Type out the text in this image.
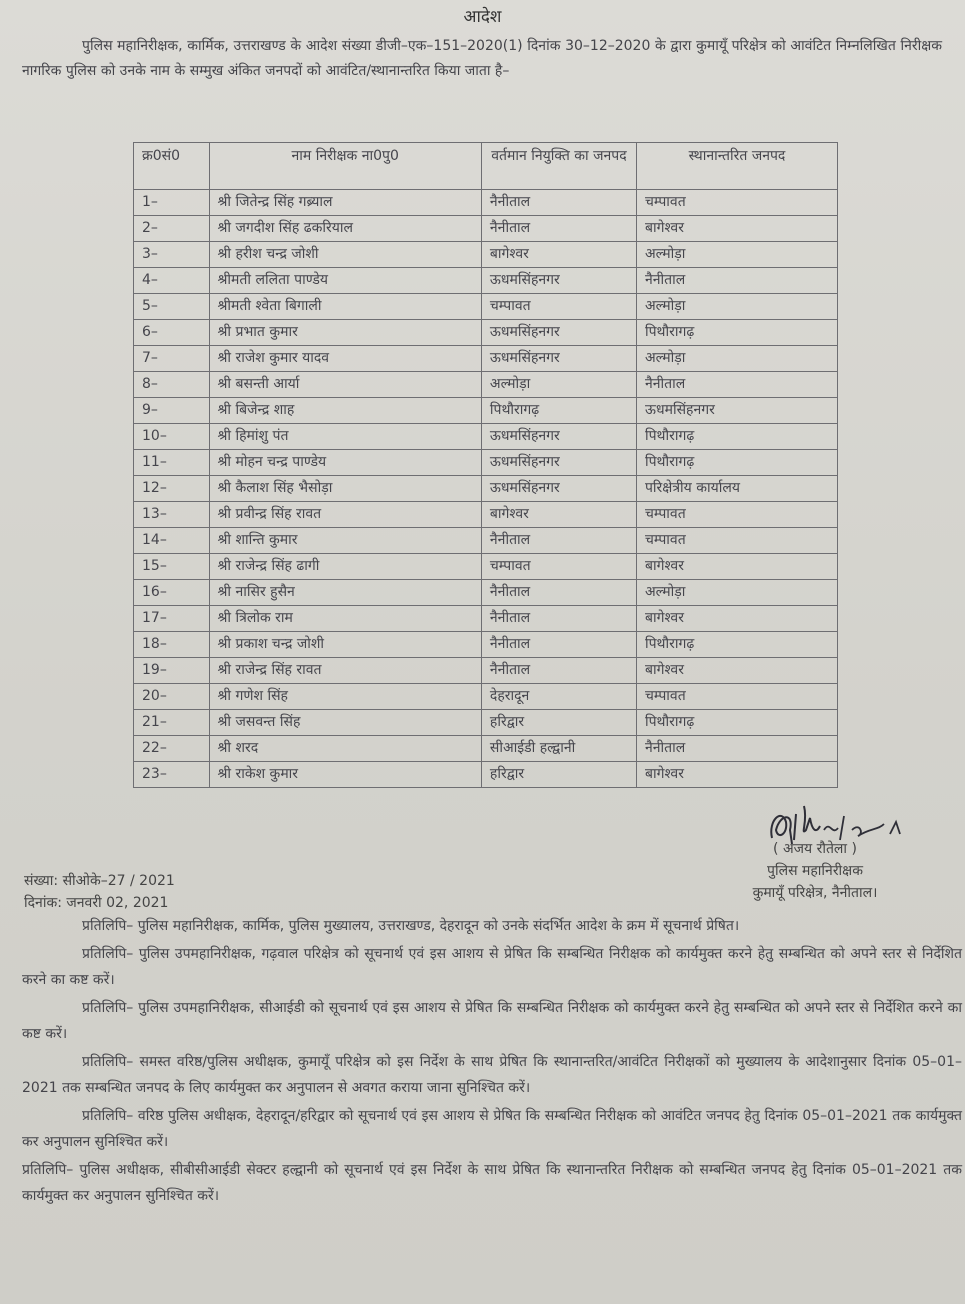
आदेश
पुलिस महानिरीक्षक, कार्मिक, उत्तराखण्ड के आदेश संख्या डीजी–एक–151–2020(1) दिनांक 30–12–2020 के द्वारा कुमायूँ परिक्षेत्र को आवंटित निम्नलिखित निरीक्षक नागरिक पुलिस को उनके नाम के सम्मुख अंकित जनपदों को आवंटित/स्थानान्तरित किया जाता है–
क्र0सं0	नाम निरीक्षक ना0पु0	वर्तमान नियुक्ति का जनपद	स्थानान्तरित जनपद
1–	श्री जितेन्द्र सिंह गब्र्याल	नैनीताल	चम्पावत
2–	श्री जगदीश सिंह ढकरियाल	नैनीताल	बागेश्वर
3–	श्री हरीश चन्द्र जोशी	बागेश्वर	अल्मोड़ा
4–	श्रीमती ललिता पाण्डेय	ऊधमसिंहनगर	नैनीताल
5–	श्रीमती श्वेता बिगाली	चम्पावत	अल्मोड़ा
6–	श्री प्रभात कुमार	ऊधमसिंहनगर	पिथौरागढ़
7–	श्री राजेश कुमार यादव	ऊधमसिंहनगर	अल्मोड़ा
8–	श्री बसन्ती आर्या	अल्मोड़ा	नैनीताल
9–	श्री बिजेन्द्र शाह	पिथौरागढ़	ऊधमसिंहनगर
10–	श्री हिमांशु पंत	ऊधमसिंहनगर	पिथौरागढ़
11–	श्री मोहन चन्द्र पाण्डेय	ऊधमसिंहनगर	पिथौरागढ़
12–	श्री कैलाश सिंह भैसोड़ा	ऊधमसिंहनगर	परिक्षेत्रीय कार्यालय
13–	श्री प्रवीन्द्र सिंह रावत	बागेश्वर	चम्पावत
14–	श्री शान्ति कुमार	नैनीताल	चम्पावत
15–	श्री राजेन्द्र सिंह ढागी	चम्पावत	बागेश्वर
16–	श्री नासिर हुसैन	नैनीताल	अल्मोड़ा
17–	श्री त्रिलोक राम	नैनीताल	बागेश्वर
18–	श्री प्रकाश चन्द्र जोशी	नैनीताल	पिथौरागढ़
19–	श्री राजेन्द्र सिंह रावत	नैनीताल	बागेश्वर
20–	श्री गणेश सिंह	देहरादून	चम्पावत
21–	श्री जसवन्त सिंह	हरिद्वार	पिथौरागढ़
22–	श्री शरद	सीआईडी हल्द्वानी	नैनीताल
23–	श्री राकेश कुमार	हरिद्वार	बागेश्वर
( अजय रौतेला )
पुलिस महानिरीक्षक
कुमायूँ परिक्षेत्र, नैनीताल।
संख्या: सीओके–27 / 2021
दिनांक: जनवरी 02, 2021

प्रतिलिपि– पुलिस महानिरीक्षक, कार्मिक, पुलिस मुख्यालय, उत्तराखण्ड, देहरादून को उनके संदर्भित आदेश के क्रम में सूचनार्थ प्रेषित।

प्रतिलिपि– पुलिस उपमहानिरीक्षक, गढ़वाल परिक्षेत्र को सूचनार्थ एवं इस आशय से प्रेषित कि सम्बन्धित निरीक्षक को कार्यमुक्त करने हेतु सम्बन्धित को अपने स्तर से निर्देशित करने का कष्ट करें।

प्रतिलिपि– पुलिस उपमहानिरीक्षक, सीआईडी को सूचनार्थ एवं इस आशय से प्रेषित कि सम्बन्धित निरीक्षक को कार्यमुक्त करने हेतु सम्बन्धित को अपने स्तर से निर्देशित करने का कष्ट करें।

प्रतिलिपि– समस्त वरिष्ठ/पुलिस अधीक्षक, कुमायूँ परिक्षेत्र को इस निर्देश के साथ प्रेषित कि स्थानान्तरित/आवंटित निरीक्षकों को मुख्यालय के आदेशानुसार दिनांक 05–01–2021 तक सम्बन्धित जनपद के लिए कार्यमुक्त कर अनुपालन से अवगत कराया जाना सुनिश्चित करें।

प्रतिलिपि– वरिष्ठ पुलिस अधीक्षक, देहरादून/हरिद्वार को सूचनार्थ एवं इस आशय से प्रेषित कि सम्बन्धित निरीक्षक को आवंटित जनपद हेतु दिनांक 05–01–2021 तक कार्यमुक्त कर अनुपालन सुनिश्चित करें।

प्रतिलिपि– पुलिस अधीक्षक, सीबीसीआईडी सेक्टर हल्द्वानी को सूचनार्थ एवं इस निर्देश के साथ प्रेषित कि स्थानान्तरित निरीक्षक को सम्बन्धित जनपद हेतु दिनांक 05–01–2021 तक कार्यमुक्त कर अनुपालन सुनिश्चित करें।
